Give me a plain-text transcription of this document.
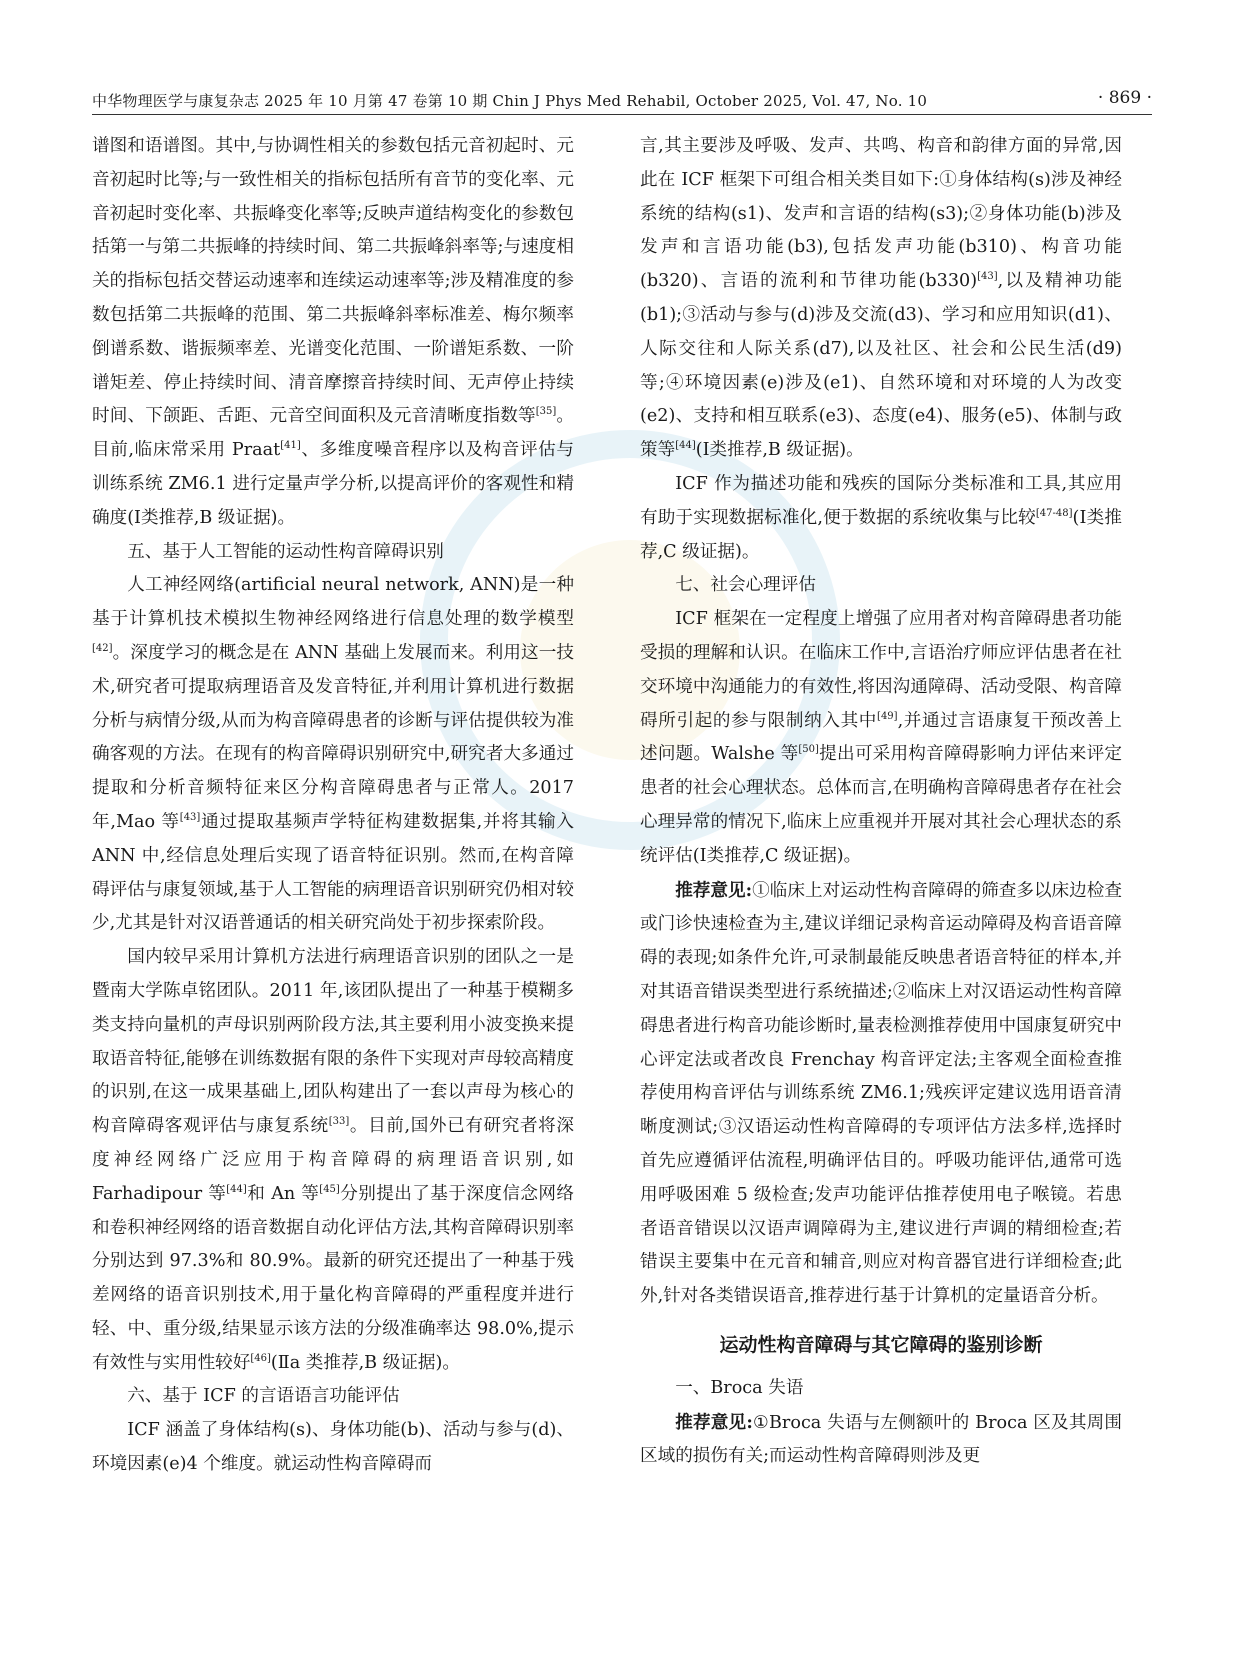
中华物理医学与康复杂志 2025 年 10 月第 47 卷第 10 期 Chin J Phys Med Rehabil, October 2025, Vol. 47, No. 10	· 869 ·

谱图和语谱图。其中,与协调性相关的参数包括元音初起时、元音初起时比等;与一致性相关的指标包括所有音节的变化率、元音初起时变化率、共振峰变化率等;反映声道结构变化的参数包括第一与第二共振峰的持续时间、第二共振峰斜率等;与速度相关的指标包括交替运动速率和连续运动速率等;涉及精准度的参数包括第二共振峰的范围、第二共振峰斜率标准差、梅尔频率倒谱系数、谐振频率差、光谱变化范围、一阶谱矩系数、一阶谱矩差、停止持续时间、清音摩擦音持续时间、无声停止持续时间、下颌距、舌距、元音空间面积及元音清晰度指数等[35]。目前,临床常采用 Praat[41]、多维度噪音程序以及构音评估与训练系统 ZM6.1 进行定量声学分析,以提高评价的客观性和精确度(Ⅰ类推荐,B 级证据)。

五、基于人工智能的运动性构音障碍识别

人工神经网络(artificial neural network, ANN)是一种基于计算机技术模拟生物神经网络进行信息处理的数学模型[42]。深度学习的概念是在 ANN 基础上发展而来。利用这一技术,研究者可提取病理语音及发音特征,并利用计算机进行数据分析与病情分级,从而为构音障碍患者的诊断与评估提供较为准确客观的方法。在现有的构音障碍识别研究中,研究者大多通过提取和分析音频特征来区分构音障碍患者与正常人。2017 年,Mao 等[43]通过提取基频声学特征构建数据集,并将其输入 ANN 中,经信息处理后实现了语音特征识别。然而,在构音障碍评估与康复领域,基于人工智能的病理语音识别研究仍相对较少,尤其是针对汉语普通话的相关研究尚处于初步探索阶段。

国内较早采用计算机方法进行病理语音识别的团队之一是暨南大学陈卓铭团队。2011 年,该团队提出了一种基于模糊多类支持向量机的声母识别两阶段方法,其主要利用小波变换来提取语音特征,能够在训练数据有限的条件下实现对声母较高精度的识别,在这一成果基础上,团队构建出了一套以声母为核心的构音障碍客观评估与康复系统[33]。目前,国外已有研究者将深度神经网络广泛应用于构音障碍的病理语音识别,如 Farhadipour 等[44]和 An 等[45]分别提出了基于深度信念网络和卷积神经网络的语音数据自动化评估方法,其构音障碍识别率分别达到 97.3%和 80.9%。最新的研究还提出了一种基于残差网络的语音识别技术,用于量化构音障碍的严重程度并进行轻、中、重分级,结果显示该方法的分级准确率达 98.0%,提示有效性与实用性较好[46](Ⅱa 类推荐,B 级证据)。

六、基于 ICF 的言语语言功能评估

ICF 涵盖了身体结构(s)、身体功能(b)、活动与参与(d)、环境因素(e)4 个维度。就运动性构音障碍而

言,其主要涉及呼吸、发声、共鸣、构音和韵律方面的异常,因此在 ICF 框架下可组合相关类目如下:①身体结构(s)涉及神经系统的结构(s1)、发声和言语的结构(s3);②身体功能(b)涉及发声和言语功能(b3),包括发声功能(b310)、构音功能(b320)、言语的流利和节律功能(b330)[43],以及精神功能(b1);③活动与参与(d)涉及交流(d3)、学习和应用知识(d1)、人际交往和人际关系(d7),以及社区、社会和公民生活(d9)等;④环境因素(e)涉及(e1)、自然环境和对环境的人为改变(e2)、支持和相互联系(e3)、态度(e4)、服务(e5)、体制与政策等[44](Ⅰ类推荐,B 级证据)。

ICF 作为描述功能和残疾的国际分类标准和工具,其应用有助于实现数据标准化,便于数据的系统收集与比较[47-48](Ⅰ类推荐,C 级证据)。

七、社会心理评估

ICF 框架在一定程度上增强了应用者对构音障碍患者功能受损的理解和认识。在临床工作中,言语治疗师应评估患者在社交环境中沟通能力的有效性,将因沟通障碍、活动受限、构音障碍所引起的参与限制纳入其中[49],并通过言语康复干预改善上述问题。Walshe 等[50]提出可采用构音障碍影响力评估来评定患者的社会心理状态。总体而言,在明确构音障碍患者存在社会心理异常的情况下,临床上应重视并开展对其社会心理状态的系统评估(Ⅰ类推荐,C 级证据)。

推荐意见:①临床上对运动性构音障碍的筛查多以床边检查或门诊快速检查为主,建议详细记录构音运动障碍及构音语音障碍的表现;如条件允许,可录制最能反映患者语音特征的样本,并对其语音错误类型进行系统描述;②临床上对汉语运动性构音障碍患者进行构音功能诊断时,量表检测推荐使用中国康复研究中心评定法或者改良 Frenchay 构音评定法;主客观全面检查推荐使用构音评估与训练系统 ZM6.1;残疾评定建议选用语音清晰度测试;③汉语运动性构音障碍的专项评估方法多样,选择时首先应遵循评估流程,明确评估目的。呼吸功能评估,通常可选用呼吸困难 5 级检查;发声功能评估推荐使用电子喉镜。若患者语音错误以汉语声调障碍为主,建议进行声调的精细检查;若错误主要集中在元音和辅音,则应对构音器官进行详细检查;此外,针对各类错误语音,推荐进行基于计算机的定量语音分析。

运动性构音障碍与其它障碍的鉴别诊断

一、Broca 失语

推荐意见:①Broca 失语与左侧额叶的 Broca 区及其周围区域的损伤有关;而运动性构音障碍则涉及更
